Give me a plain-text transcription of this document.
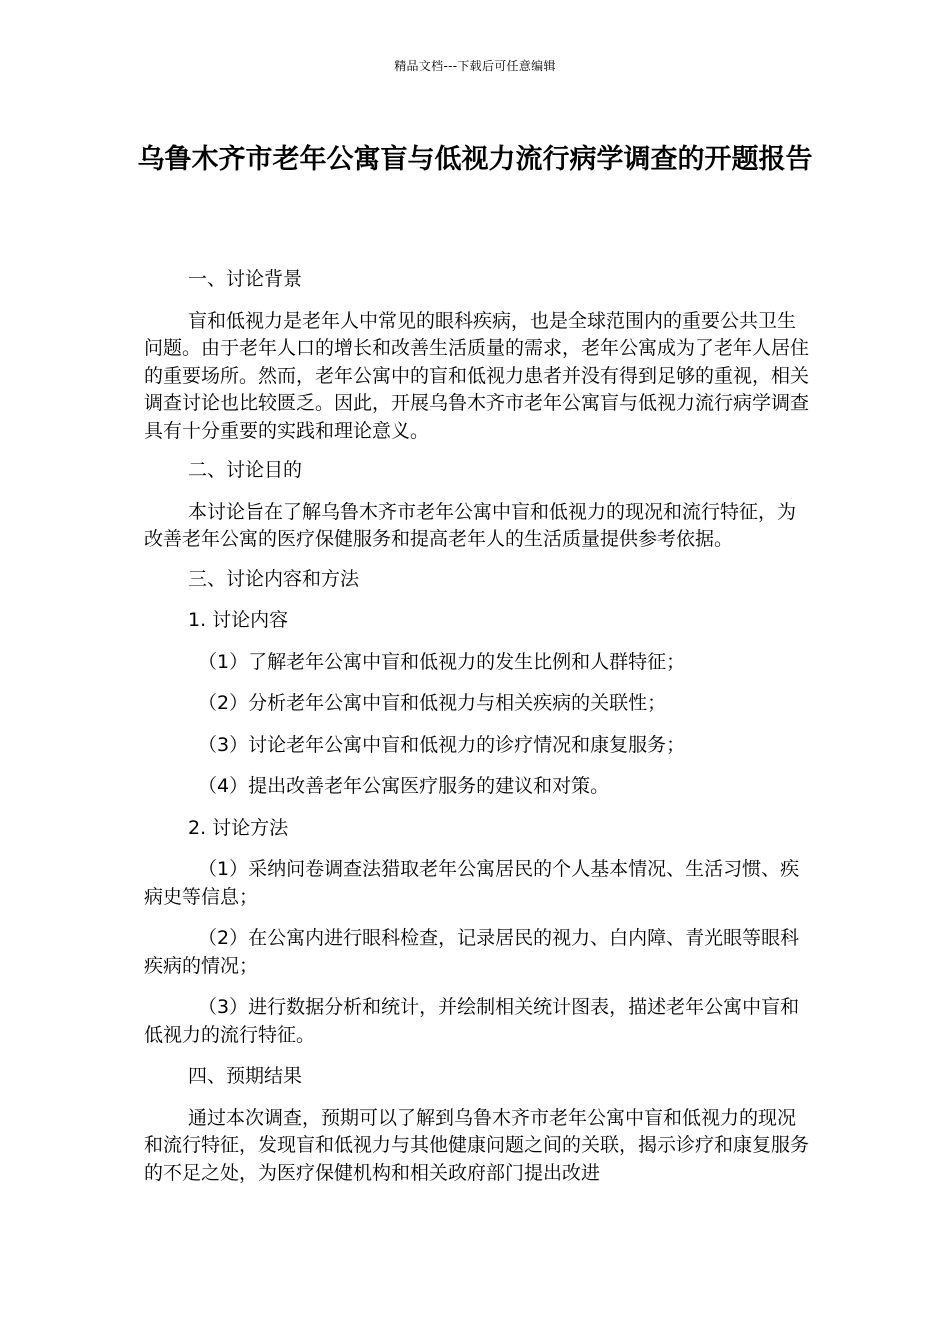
精品文档---下载后可任意编辑
乌鲁木齐市老年公寓盲与低视力流行病学调查的开题报告

一、讨论背景

盲和低视力是老年人中常见的眼科疾病，也是全球范围内的重要公共卫生问题。由于老年人口的增长和改善生活质量的需求，老年公寓成为了老年人居住的重要场所。然而，老年公寓中的盲和低视力患者并没有得到足够的重视，相关调查讨论也比较匮乏。因此，开展乌鲁木齐市老年公寓盲与低视力流行病学调查具有十分重要的实践和理论意义。

二、讨论目的

本讨论旨在了解乌鲁木齐市老年公寓中盲和低视力的现况和流行特征，为改善老年公寓的医疗保健服务和提高老年人的生活质量提供参考依据。

三、讨论内容和方法

1. 讨论内容

（1）了解老年公寓中盲和低视力的发生比例和人群特征；

（2）分析老年公寓中盲和低视力与相关疾病的关联性；

（3）讨论老年公寓中盲和低视力的诊疗情况和康复服务；

（4）提出改善老年公寓医疗服务的建议和对策。

2. 讨论方法

（1）采纳问卷调查法猎取老年公寓居民的个人基本情况、生活习惯、疾病史等信息；

（2）在公寓内进行眼科检查，记录居民的视力、白内障、青光眼等眼科疾病的情况；

（3）进行数据分析和统计，并绘制相关统计图表，描述老年公寓中盲和低视力的流行特征。

四、预期结果

通过本次调查，预期可以了解到乌鲁木齐市老年公寓中盲和低视力的现况和流行特征，发现盲和低视力与其他健康问题之间的关联，揭示诊疗和康复服务的不足之处，为医疗保健机构和相关政府部门提出改进
